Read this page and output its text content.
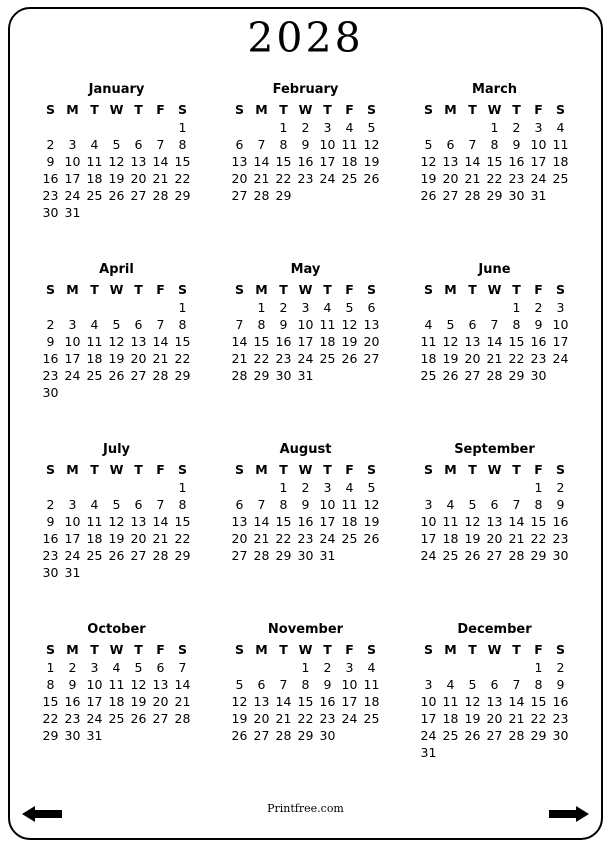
2028
January
S	M	T	W	T	F	S
						1
2	3	4	5	6	7	8
9	10	11	12	13	14	15
16	17	18	19	20	21	22
23	24	25	26	27	28	29
30	31					
February
S	M	T	W	T	F	S
		1	2	3	4	5
6	7	8	9	10	11	12
13	14	15	16	17	18	19
20	21	22	23	24	25	26
27	28	29				
March
S	M	T	W	T	F	S
			1	2	3	4
5	6	7	8	9	10	11
12	13	14	15	16	17	18
19	20	21	22	23	24	25
26	27	28	29	30	31	
April
S	M	T	W	T	F	S
						1
2	3	4	5	6	7	8
9	10	11	12	13	14	15
16	17	18	19	20	21	22
23	24	25	26	27	28	29
30						
May
S	M	T	W	T	F	S
	1	2	3	4	5	6
7	8	9	10	11	12	13
14	15	16	17	18	19	20
21	22	23	24	25	26	27
28	29	30	31			
June
S	M	T	W	T	F	S
				1	2	3
4	5	6	7	8	9	10
11	12	13	14	15	16	17
18	19	20	21	22	23	24
25	26	27	28	29	30	
July
S	M	T	W	T	F	S
						1
2	3	4	5	6	7	8
9	10	11	12	13	14	15
16	17	18	19	20	21	22
23	24	25	26	27	28	29
30	31					
August
S	M	T	W	T	F	S
		1	2	3	4	5
6	7	8	9	10	11	12
13	14	15	16	17	18	19
20	21	22	23	24	25	26
27	28	29	30	31		
September
S	M	T	W	T	F	S
					1	2
3	4	5	6	7	8	9
10	11	12	13	14	15	16
17	18	19	20	21	22	23
24	25	26	27	28	29	30
October
S	M	T	W	T	F	S
1	2	3	4	5	6	7
8	9	10	11	12	13	14
15	16	17	18	19	20	21
22	23	24	25	26	27	28
29	30	31				
November
S	M	T	W	T	F	S
			1	2	3	4
5	6	7	8	9	10	11
12	13	14	15	16	17	18
19	20	21	22	23	24	25
26	27	28	29	30		
December
S	M	T	W	T	F	S
					1	2
3	4	5	6	7	8	9
10	11	12	13	14	15	16
17	18	19	20	21	22	23
24	25	26	27	28	29	30
31						
Printfree.com
